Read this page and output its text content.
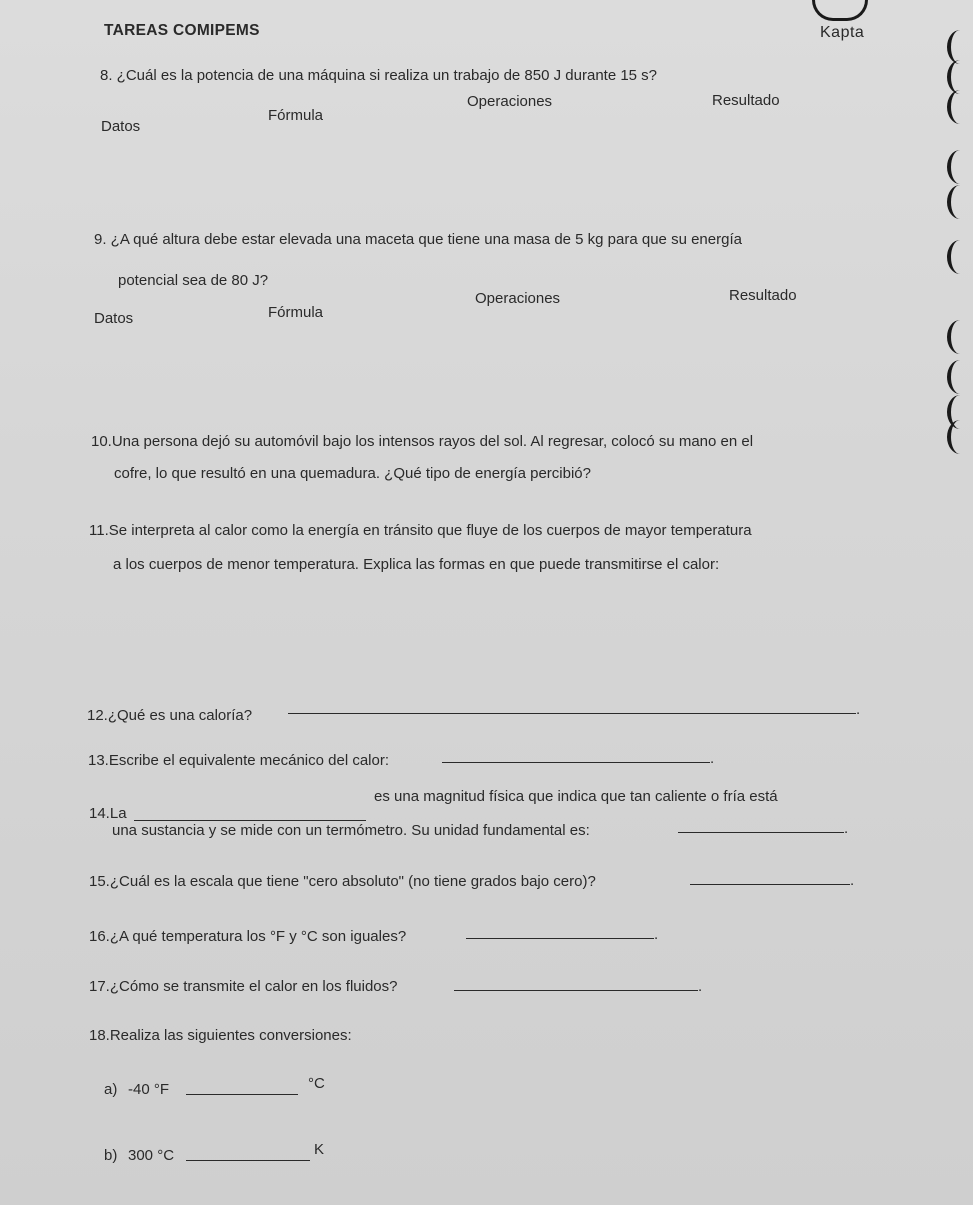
TAREAS COMIPEMS	Kapta
8. ¿Cuál es la potencia de una máquina si realiza un trabajo de 850 J durante 15 s?
Datos
Fórmula
Operaciones	Resultado
9. ¿A qué altura debe estar elevada una maceta que tiene una masa de 5 kg para que su energía
potencial sea de 80 J?
Datos	Fórmula
Operaciones	Resultado
10.Una persona dejó su automóvil bajo los intensos rayos del sol. Al regresar, colocó su mano en el
cofre, lo que resultó en una quemadura. ¿Qué tipo de energía percibió?
11.Se interpreta al calor como la energía en tránsito que fluye de los cuerpos de mayor temperatura
a los cuerpos de menor temperatura. Explica las formas en que puede transmitirse el calor:
12.¿Qué es una caloría?	.
13.Escribe el equivalente mecánico del calor:	.
14.La
es una magnitud física que indica que tan caliente o fría está
una sustancia y se mide con un termómetro. Su unidad fundamental es:	.
15.¿Cuál es la escala que tiene "cero absoluto" (no tiene grados bajo cero)?	.
16.¿A qué temperatura los °F y °C son iguales?	.
17.¿Cómo se transmite el calor en los fluidos?	.
18.Realiza las siguientes conversiones:
a) -40 °F	°C
b) 300 °C	K
